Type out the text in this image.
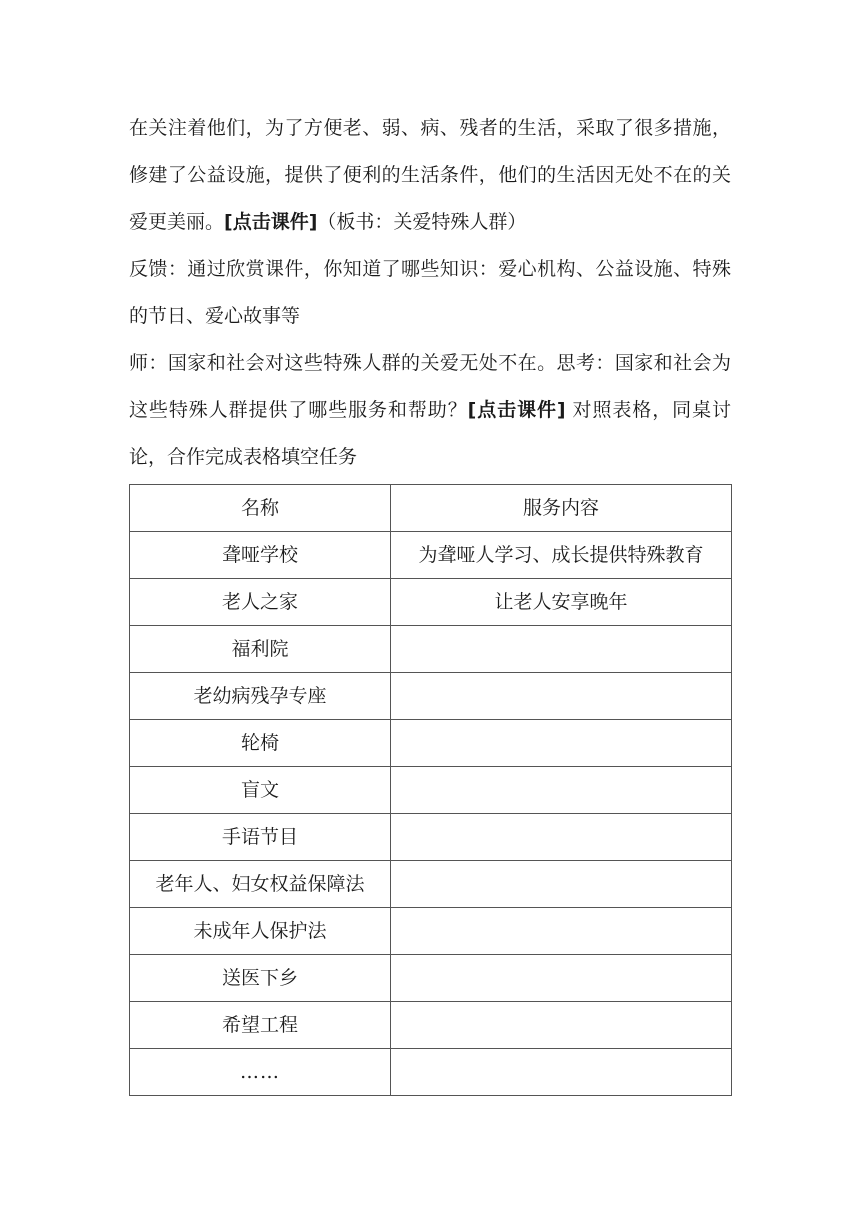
在关注着他们，为了方便老、弱、病、残者的生活，采取了很多措施，修建了公益设施，提供了便利的生活条件，他们的生活因无处不在的关爱更美丽。[点击课件]（板书：关爱特殊人群）

反馈：通过欣赏课件，你知道了哪些知识：爱心机构、公益设施、特殊的节日、爱心故事等

师：国家和社会对这些特殊人群的关爱无处不在。思考：国家和社会为这些特殊人群提供了哪些服务和帮助？[点击课件] 对照表格，同桌讨论，合作完成表格填空任务

名称	服务内容
聋哑学校	为聋哑人学习、成长提供特殊教育
老人之家	让老人安享晚年
福利院	
老幼病残孕专座	
轮椅	
盲文	
手语节目	
老年人、妇女权益保障法	
未成年人保护法	
送医下乡	
希望工程	
……	
